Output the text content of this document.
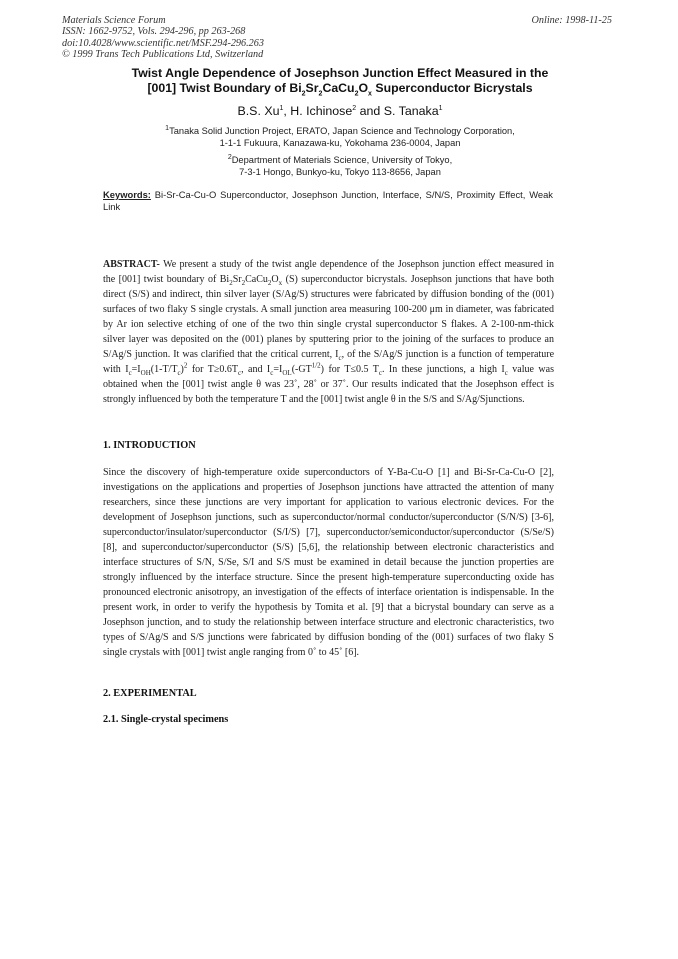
Materials Science Forum
ISSN: 1662-9752, Vols. 294-296, pp 263-268
doi:10.4028/www.scientific.net/MSF.294-296.263
© 1999 Trans Tech Publications Ltd, Switzerland
Online: 1998-11-25
Twist Angle Dependence of Josephson Junction Effect Measured in the
[001] Twist Boundary of $Bi_2Sr_2CaCu_2O_x$ Superconductor Bicrystals
B.S. Xu$^1$, H. Ichinose$^2$ and S. Tanaka$^1$
$^1$Tanaka Solid Junction Project, ERATO, Japan Science and Technology Corporation,
1-1-1 Fukuura, Kanazawa-ku, Yokohama 236-0004, Japan
$^2$Department of Materials Science, University of Tokyo,
7-3-1 Hongo, Bunkyo-ku, Tokyo 113-8656, Japan
Keywords: Bi-Sr-Ca-Cu-O Superconductor, Josephson Junction, Interface, S/N/S, Proximity Effect, Weak Link
ABSTRACT- We present a study of the twist angle dependence of the Josephson junction effect measured in the [001] twist boundary of $Bi_2Sr_2CaCu_2O_x$ (S) superconductor bicrystals. Josephson junctions that have both direct (S/S) and indirect, thin silver layer (S/Ag/S) structures were fabricated by diffusion bonding of the (001) surfaces of two flaky S single crystals. A small junction area measuring 100-200 μm in diameter, was fabricated by Ar ion selective etching of one of the two thin single crystal superconductor S flakes. A 2-100-nm-thick silver layer was deposited on the (001) planes by sputtering prior to the joining of the surfaces to produce an S/Ag/S junction. It was clarified that the critical current, $I_c$, of the S/Ag/S junction is a function of temperature with $I_c=I_{OH}(1-T/T_c)^2$ for $T\ge 0.6T_c$, and $I_c=I_{OL}(-GT^{1/2})$ for T≤0.5 $T_c$. In these junctions, a high $I_c$ value was obtained when the [001] twist angle θ was 23˚, 28˚ or 37˚. Our results indicated that the Josephson effect is strongly influenced by both the temperature T and the [001] twist angle θ in the S/S and S/Ag/Sjunctions.
1. INTRODUCTION
Since the discovery of high-temperature oxide superconductors of Y-Ba-Cu-O [1] and Bi-Sr-Ca-Cu-O [2], investigations on the applications and properties of Josephson junctions have attracted the attention of many researchers, since these junctions are very important for application to various electronic devices. For the development of Josephson junctions, such as superconductor/normal conductor/superconductor (S/N/S) [3-6], superconductor/insulator/superconductor (S/I/S) [7], superconductor/semiconductor/superconductor (S/Se/S) [8], and superconductor/superconductor (S/S) [5,6], the relationship between electronic characteristics and interface structures of S/N, S/Se, S/I and S/S must be examined in detail because the junction properties are strongly influenced by the interface structure. Since the present high-temperature superconducting oxide has pronounced electronic anisotropy, an investigation of the effects of interface orientation is indispensable. In the present work, in order to verify the hypothesis by Tomita et al. [9] that a bicrystal boundary can serve as a Josephson junction, and to study the relationship between interface structure and electronic characteristics, two types of S/Ag/S and S/S junctions were fabricated by diffusion bonding of the (001) surfaces of two flaky S single crystals with [001] twist angle ranging from 0˚ to 45˚ [6].
2. EXPERIMENTAL
2.1. Single-crystal specimens
